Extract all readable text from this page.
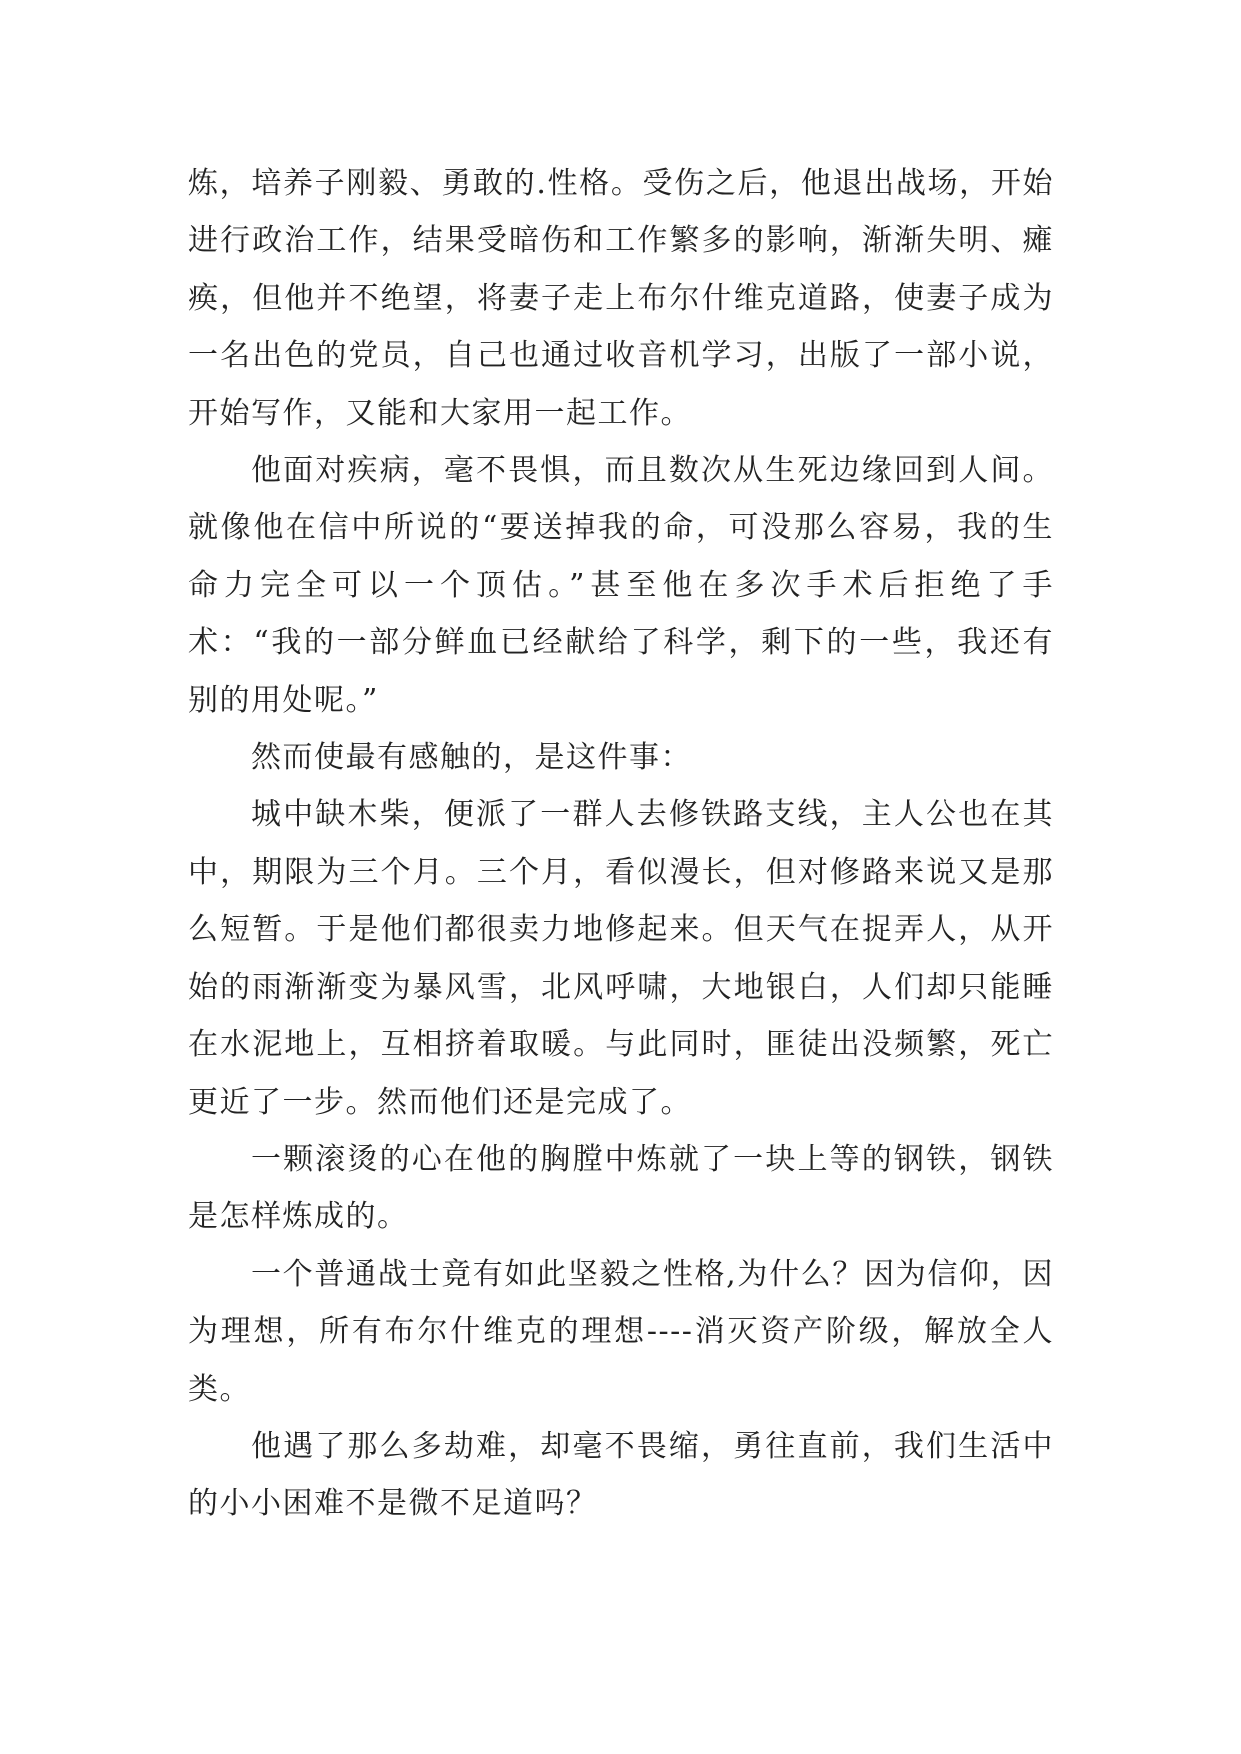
炼，培养子刚毅、勇敢的.性格。受伤之后，他退出战场，开始进行政治工作，结果受暗伤和工作繁多的影响，渐渐失明、瘫痪，但他并不绝望，将妻子走上布尔什维克道路，使妻子成为一名出色的党员，自己也通过收音机学习，出版了一部小说，开始写作，又能和大家用一起工作。

他面对疾病，毫不畏惧，而且数次从生死边缘回到人间。就像他在信中所说的“要送掉我的命，可没那么容易，我的生命力完全可以一个顶估。”甚至他在多次手术后拒绝了手术：“我的一部分鲜血已经献给了科学，剩下的一些，我还有别的用处呢。”

然而使最有感触的，是这件事：

城中缺木柴，便派了一群人去修铁路支线，主人公也在其中，期限为三个月。三个月，看似漫长，但对修路来说又是那么短暂。于是他们都很卖力地修起来。但天气在捉弄人，从开始的雨渐渐变为暴风雪，北风呼啸，大地银白，人们却只能睡在水泥地上，互相挤着取暖。与此同时，匪徒出没频繁，死亡更近了一步。然而他们还是完成了。

一颗滚烫的心在他的胸膛中炼就了一块上等的钢铁，钢铁是怎样炼成的。

一个普通战士竟有如此坚毅之性格,为什么？因为信仰，因为理想，所有布尔什维克的理想----消灭资产阶级，解放全人类。

他遇了那么多劫难，却毫不畏缩，勇往直前，我们生活中的小小困难不是微不足道吗？
